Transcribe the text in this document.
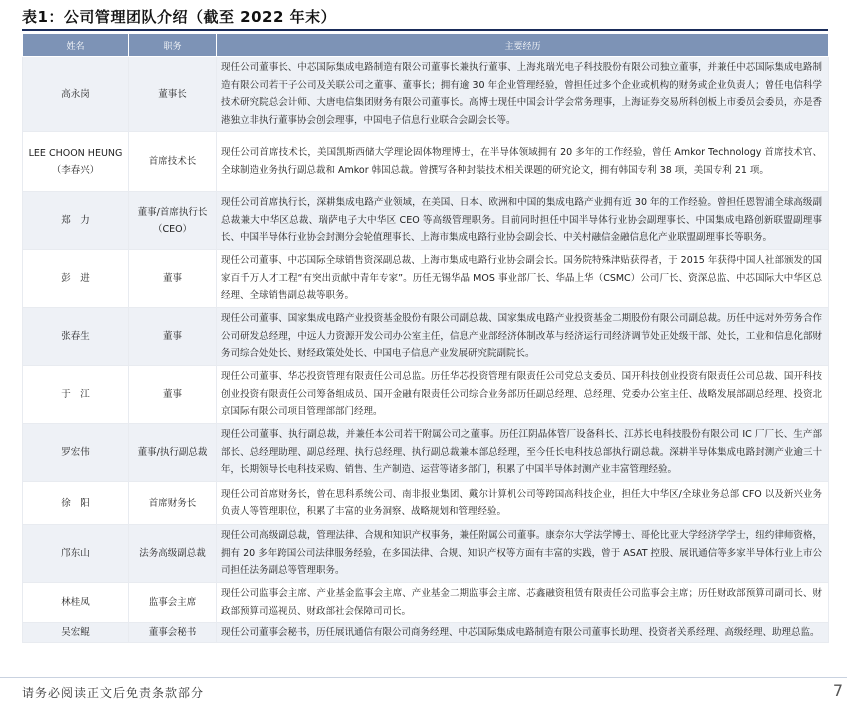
表1：公司管理团队介绍（截至 2022 年末）
姓名	职务	主要经历
高永岗	董事长	现任公司董事长、中芯国际集成电路制造有限公司董事长兼执行董事、上海兆瑞光电子科技股份有限公司独立董事，并兼任中芯国际集成电路制造有限公司若干子公司及关联公司之董事、董事长；拥有逾 30 年企业管理经验，曾担任过多个企业或机构的财务或企业负责人；曾任电信科学技术研究院总会计师、大唐电信集团财务有限公司董事长。高博士现任中国会计学会常务理事，上海证券交易所科创板上市委员会委员，亦是香港独立非执行董事协会创会理事，中国电子信息行业联合会副会长等。
LEE CHOON HEUNG（李春兴）	首席技术长	现任公司首席技术长，美国凯斯西储大学理论固体物理博士，在半导体领域拥有 20 多年的工作经验，曾任 Amkor Technology 首席技术官、全球制造业务执行副总裁和 Amkor 韩国总裁。曾撰写各种封装技术相关课题的研究论文，拥有韩国专利 38 项，美国专利 21 项。
郑　力	董事/首席执行长（CEO）	现任公司首席执行长，深耕集成电路产业领域，在美国、日本、欧洲和中国的集成电路产业拥有近 30 年的工作经验。曾担任恩智浦全球高级副总裁兼大中华区总裁、瑞萨电子大中华区 CEO 等高级管理职务。目前同时担任中国半导体行业协会副理事长、中国集成电路创新联盟副理事长、中国半导体行业协会封测分会轮值理事长、上海市集成电路行业协会副会长、中关村融信金融信息化产业联盟副理事长等职务。
彭　进	董事	现任公司董事、中芯国际全球销售资深副总裁、上海市集成电路行业协会副会长。国务院特殊津贴获得者，于 2015 年获得中国人社部颁发的国家百千万人才工程“有突出贡献中青年专家”。历任无锡华晶 MOS 事业部厂长、华晶上华（CSMC）公司厂长、资深总监、中芯国际大中华区总经理、全球销售副总裁等职务。
张春生	董事	现任公司董事、国家集成电路产业投资基金股份有限公司副总裁、国家集成电路产业投资基金二期股份有限公司副总裁。历任中远对外劳务合作公司研发总经理，中远人力资源开发公司办公室主任，信息产业部经济体制改革与经济运行司经济调节处正处级干部、处长，工业和信息化部财务司综合处处长、财经政策处处长、中国电子信息产业发展研究院副院长。
于　江	董事	现任公司董事、华芯投资管理有限责任公司总监。历任华芯投资管理有限责任公司党总支委员、国开科技创业投资有限责任公司总裁、国开科技创业投资有限责任公司筹备组成员、国开金融有限责任公司综合业务部历任副总经理、总经理、党委办公室主任、战略发展部副总经理、投资北京国际有限公司项目管理部部门经理。
罗宏伟	董事/执行副总裁	现任公司董事、执行副总裁，并兼任本公司若干附属公司之董事。历任江阴晶体管厂设备科长、江苏长电科技股份有限公司 IC 厂厂长、生产部部长、总经理助理、副总经理、执行总经理、执行副总裁兼本部总经理，至今任长电科技总部执行副总裁。深耕半导体集成电路封测产业逾三十年，长期领导长电科技采购、销售、生产制造、运营等诸多部门，积累了中国半导体封测产业丰富管理经验。
徐　阳	首席财务长	现任公司首席财务长，曾在思科系统公司、南非报业集团、戴尔计算机公司等跨国高科技企业，担任大中华区/全球业务总部 CFO 以及新兴业务负责人等管理职位，积累了丰富的业务洞察、战略规划和管理经验。
邝东山	法务高级副总裁	现任公司高级副总裁，管理法律、合规和知识产权事务，兼任附属公司董事。康奈尔大学法学博士、哥伦比亚大学经济学学士，纽约律师资格，拥有 20 多年跨国公司法律服务经验，在多国法律、合规、知识产权等方面有丰富的实践，曾于 ASAT 控股、展讯通信等多家半导体行业上市公司担任法务副总等管理职务。
林桂凤	监事会主席	现任公司监事会主席、产业基金监事会主席、产业基金二期监事会主席、芯鑫融资租赁有限责任公司监事会主席；历任财政部预算司副司长、财政部预算司巡视员、财政部社会保障司司长。
吴宏鲲	董事会秘书	现任公司董事会秘书，历任展讯通信有限公司商务经理、中芯国际集成电路制造有限公司董事长助理、投资者关系经理、高级经理、助理总监。
请务必阅读正文后免责条款部分	7
